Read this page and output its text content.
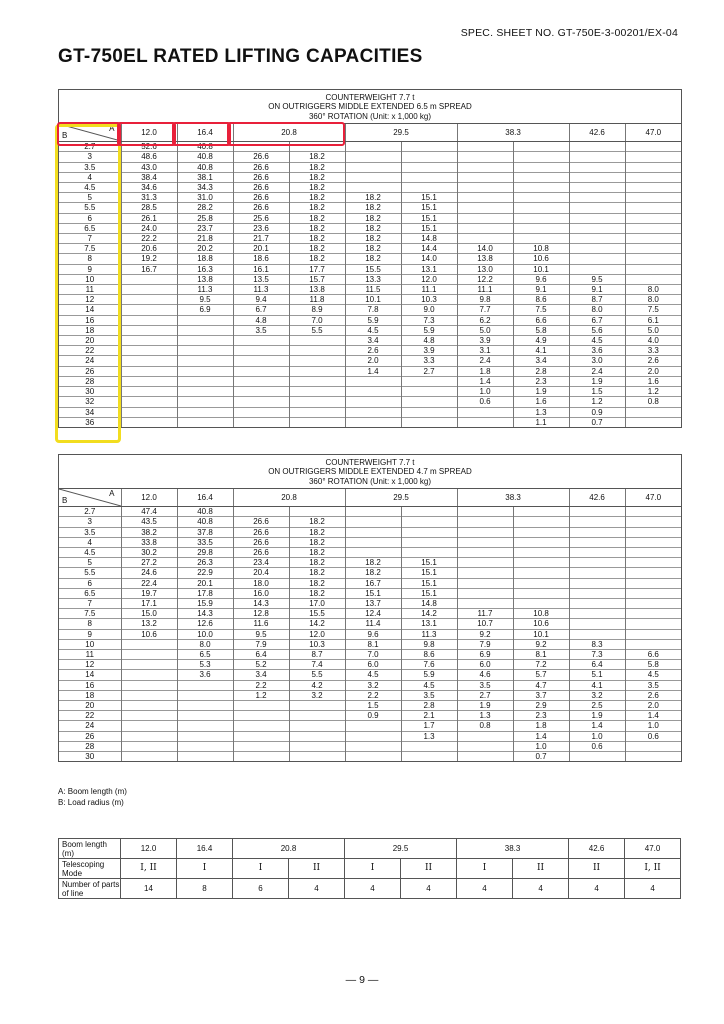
SPEC. SHEET NO. GT-750E-3-00201/EX-04
GT-750EL RATED LIFTING CAPACITIES
COUNTERWEIGHT 7.7 t
ON OUTRIGGERS MIDDLE EXTENDED 6.5 m SPREAD
360° ROTATION (Unit: x 1,000 kg)
A
B	12.0	16.4	20.8		29.5		38.3		42.6	47.0
2.7	52.6	40.8								
3	48.6	40.8	26.6	18.2						
3.5	43.0	40.8	26.6	18.2						
4	38.4	38.1	26.6	18.2						
4.5	34.6	34.3	26.6	18.2						
5	31.3	31.0	26.6	18.2	18.2	15.1				
5.5	28.5	28.2	26.6	18.2	18.2	15.1				
6	26.1	25.8	25.6	18.2	18.2	15.1				
6.5	24.0	23.7	23.6	18.2	18.2	15.1				
7	22.2	21.8	21.7	18.2	18.2	14.8				
7.5	20.6	20.2	20.1	18.2	18.2	14.4	14.0	10.8		
8	19.2	18.8	18.6	18.2	18.2	14.0	13.8	10.6		
9	16.7	16.3	16.1	17.7	15.5	13.1	13.0	10.1		
10		13.8	13.5	15.7	13.3	12.0	12.2	9.6	9.5	
11		11.3	11.3	13.8	11.5	11.1	11.1	9.1	9.1	8.0
12		9.5	9.4	11.8	10.1	10.3	9.8	8.6	8.7	8.0
14		6.9	6.7	8.9	7.8	9.0	7.7	7.5	8.0	7.5
16			4.8	7.0	5.9	7.3	6.2	6.6	6.7	6.1
18			3.5	5.5	4.5	5.9	5.0	5.8	5.6	5.0
20					3.4	4.8	3.9	4.9	4.5	4.0
22					2.6	3.9	3.1	4.1	3.6	3.3
24					2.0	3.3	2.4	3.4	3.0	2.6
26					1.4	2.7	1.8	2.8	2.4	2.0
28							1.4	2.3	1.9	1.6
30							1.0	1.9	1.5	1.2
32							0.6	1.6	1.2	0.8
34								1.3	0.9	
36								1.1	0.7	
COUNTERWEIGHT 7.7 t
ON OUTRIGGERS MIDDLE EXTENDED 4.7 m SPREAD
360° ROTATION (Unit: x 1,000 kg)
A
B	12.0	16.4	20.8		29.5		38.3		42.6	47.0
2.7	47.4	40.8								
3	43.5	40.8	26.6	18.2						
3.5	38.2	37.8	26.6	18.2						
4	33.8	33.5	26.6	18.2						
4.5	30.2	29.8	26.6	18.2						
5	27.2	26.3	23.4	18.2	18.2	15.1				
5.5	24.6	22.9	20.4	18.2	18.2	15.1				
6	22.4	20.1	18.0	18.2	16.7	15.1				
6.5	19.7	17.8	16.0	18.2	15.1	15.1				
7	17.1	15.9	14.3	17.0	13.7	14.8				
7.5	15.0	14.3	12.8	15.5	12.4	14.2	11.7	10.8		
8	13.2	12.6	11.6	14.2	11.4	13.1	10.7	10.6		
9	10.6	10.0	9.5	12.0	9.6	11.3	9.2	10.1		
10		8.0	7.9	10.3	8.1	9.8	7.9	9.2	8.3	
11		6.5	6.4	8.7	7.0	8.6	6.9	8.1	7.3	6.6
12		5.3	5.2	7.4	6.0	7.6	6.0	7.2	6.4	5.8
14		3.6	3.4	5.5	4.5	5.9	4.6	5.7	5.1	4.5
16			2.2	4.2	3.2	4.5	3.5	4.7	4.1	3.5
18			1.2	3.2	2.2	3.5	2.7	3.7	3.2	2.6
20					1.5	2.8	1.9	2.9	2.5	2.0
22					0.9	2.1	1.3	2.3	1.9	1.4
24						1.7	0.8	1.8	1.4	1.0
26						1.3		1.4	1.0	0.6
28								1.0	0.6	
30								0.7		
A: Boom length (m)
B: Load radius (m)
Boom length (m)	12.0	16.4	20.8		29.5		38.3		42.6	47.0
Telescoping Mode	I, II	I	I	II	I	II	I	II	II	I, II
Number of parts of line	14	8	6	4	4	4	4	4	4	4
— 9 —
